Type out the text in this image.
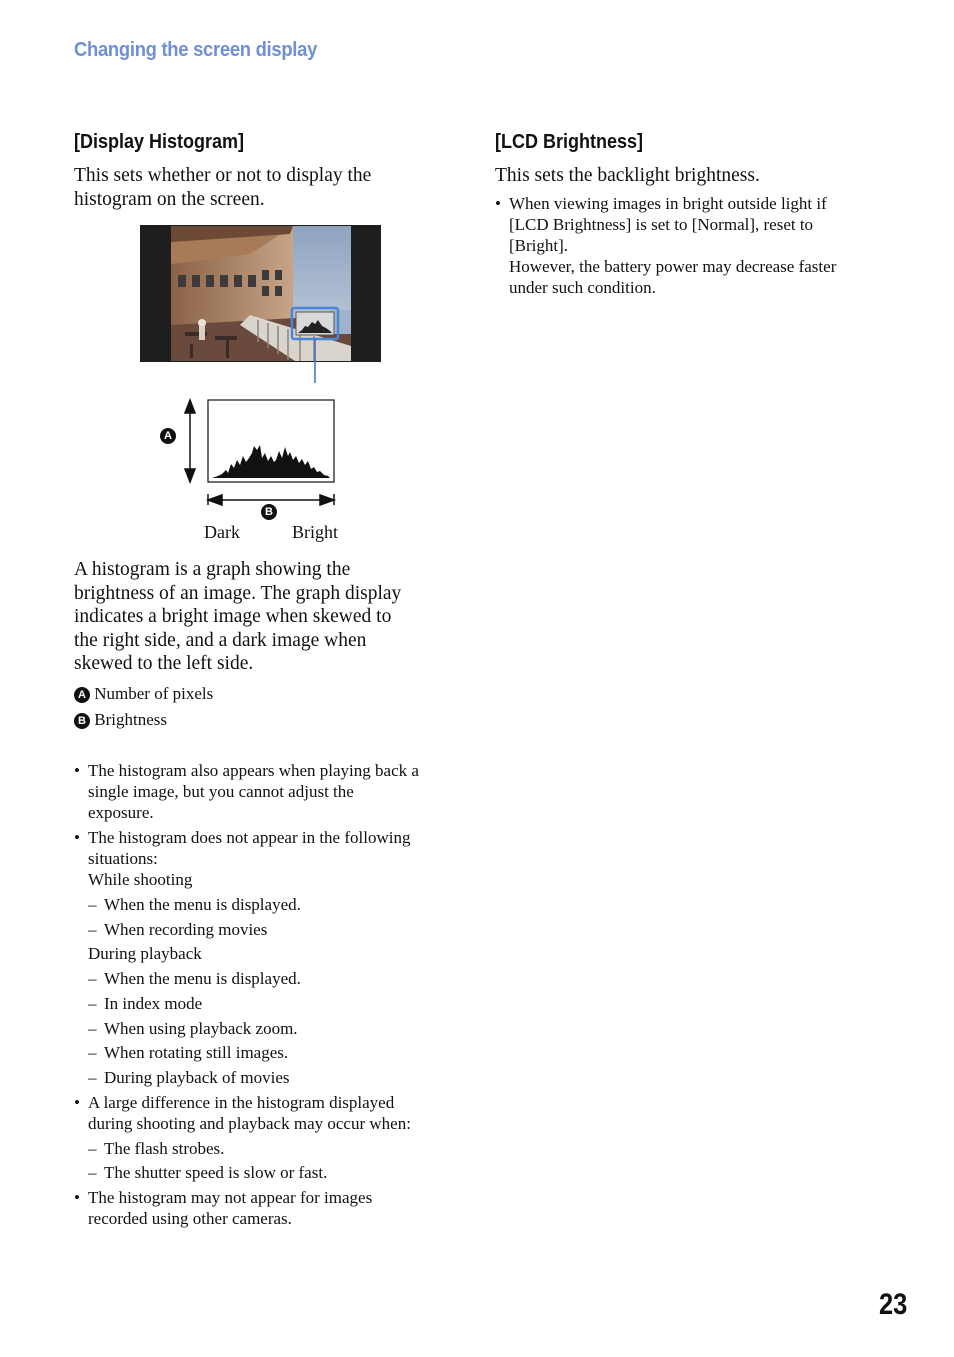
Changing the screen display
[Display Histogram]
This sets whether or not to display the
histogram on the screen.
A
B
Dark	Bright
A histogram is a graph showing the
brightness of an image. The graph display
indicates a bright image when skewed to
the right side, and a dark image when
skewed to the left side.
A Number of pixels
B Brightness
• The histogram also appears when playing back a
single image, but you cannot adjust the
exposure.
• The histogram does not appear in the following
situations:
While shooting
– When the menu is displayed.
– When recording movies
During playback
– When the menu is displayed.
– In index mode
– When using playback zoom.
– When rotating still images.
– During playback of movies
• A large difference in the histogram displayed
during shooting and playback may occur when:
– The flash strobes.
– The shutter speed is slow or fast.
• The histogram may not appear for images
recorded using other cameras.
[LCD Brightness]
This sets the backlight brightness.
• When viewing images in bright outside light if
[LCD Brightness] is set to [Normal], reset to
[Bright].
However, the battery power may decrease faster
under such condition.
23
